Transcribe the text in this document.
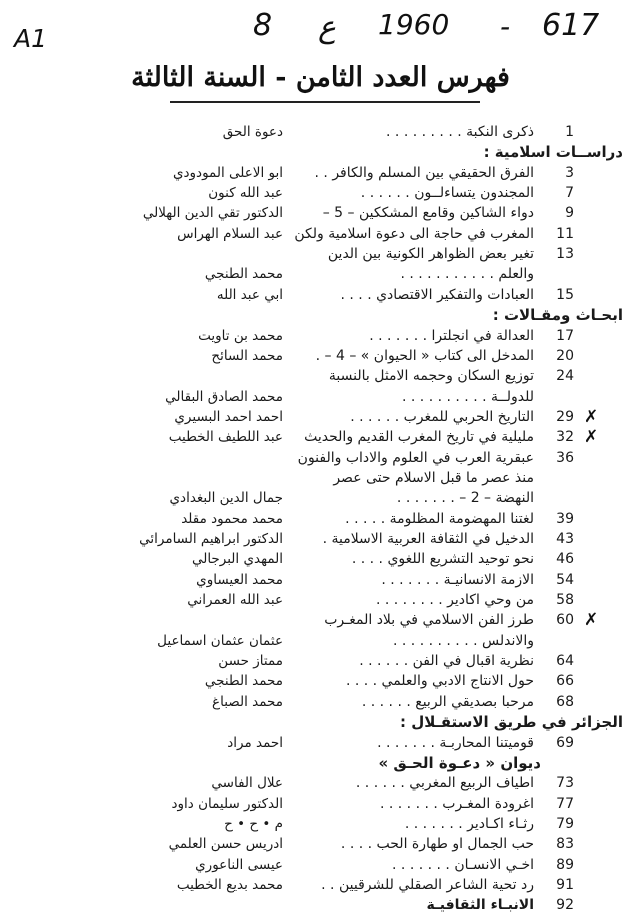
A1	8 ع 1960 - 617
فهرس العدد الثامن - السنة الثالثة
1
ذكرى النكبة . . . . . . . . .
دعوة الحق
دراســات اسلامية :
3
الفرق الحقيقي بين المسلم والكافر . .
ابو الاعلى المودودي
7
المجندون يتساءلــون . . . . . .
عبد الله كنون
9
دواء الشاكين وقامع المشككين – 5 –
الدكتور تقي الدين الهلالي
11
المغرب في حاجة الى دعوة اسلامية ولكن
عبد السلام الهراس
13
تغير بعض الظواهر الكونية بين الدين
والعلم . . . . . . . . . . .
محمد الطنجي
15
العبادات والتفكير الاقتصادي . . . .
ابي عبد الله
ابحـاث ومقـالات :
17
العدالة في انجلترا . . . . . . .
محمد بن تاويت
20
المدخل الى كتاب « الحيوان » – 4 – .
محمد السائح
24
توزيع السكان وحجمه الامثل بالنسبة
للدولــة . . . . . . . . . .
محمد الصادق البقالي
29 ✗
التاريخ الحربي للمغرب . . . . . .
احمد احمد البسيري
32 ✗
مليلية في تاريخ المغرب القديم والحديث
عبد اللطيف الخطيب
36
عبقرية العرب في العلوم والاداب والفنون
منذ عصر ما قبل الاسلام حتى عصر
النهضة – 2 – . . . . . . .
جمال الدين البغدادي
39
لغتنا المهضومة المظلومة . . . . .
محمد محمود مقلد
43
الدخيل في الثقافة العربية الاسلامية .
الدكتور ابراهيم السامرائي
46
نحو توحيد التشريع اللغوي . . . .
المهدي البرجالي
54
الازمة الانسانيـة . . . . . . .
محمد العيساوي
58
من وحي اكادير . . . . . . . .
عبد الله العمراني
60 ✗
طرز الفن الاسلامي في بلاد المغـرب
والاندلس . . . . . . . . . .
عثمان عثمان اسماعيل
64
نظرية اقبال في الفن . . . . . .
ممتاز حسن
66
حول الانتاج الادبي والعلمي . . . .
محمد الطنجي
68
مرحبا بصديقي الربيع . . . . . .
محمد الصباغ
الجزائر في طريق الاستقـلال :
69
قومیتنا المحاربـة . . . . . . .
احمد مراد
ديوان « دعـوة الحـق »
73
اطياف الربيع المغربي . . . . . .
علال الفاسي
77
اغرودة المغـرب . . . . . . .
الدكتور سليمان داود
79
رثـاء اكـادير . . . . . . .
م • ح • ح
83
حب الجمال او طهارة الحب . . . .
ادريس حسن العلمي
89
اخـي الانسـان . . . . . . .
عيسى الناعوري
91
رد تحية الشاعر الصقلي للشرقيين . .
محمد بديع الخطيب
92
الانبـاء الثقافيـة
